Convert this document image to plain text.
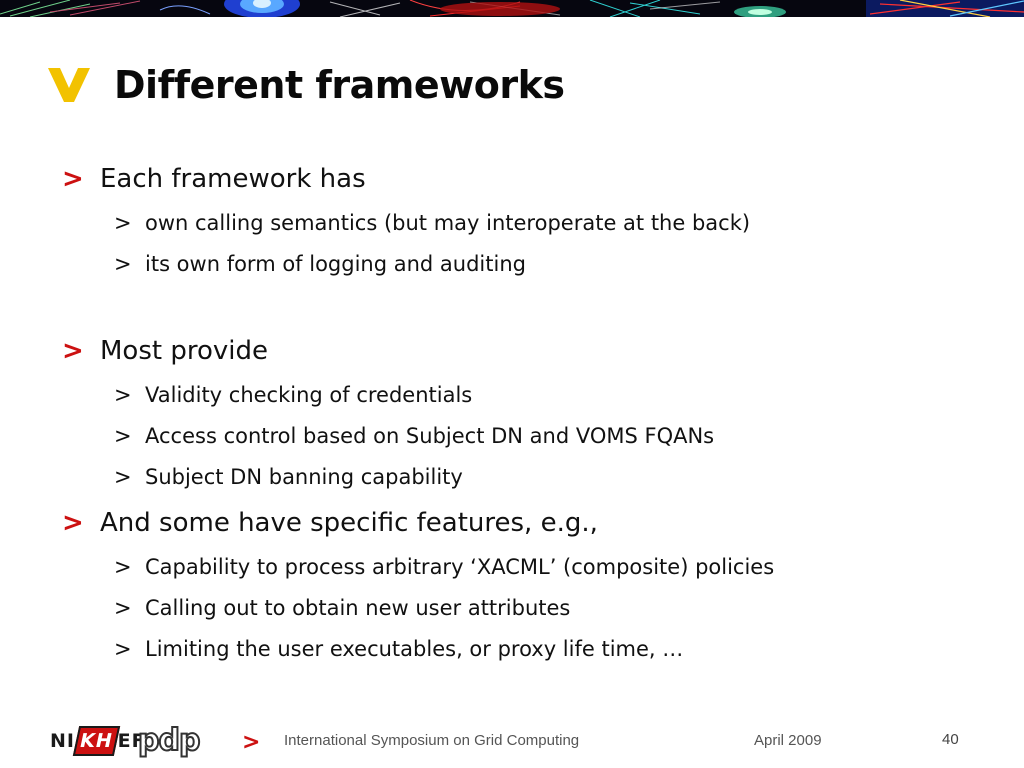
Different frameworks
> Each framework has
> own calling semantics (but may interoperate at the back)
> its own form of logging and auditing
> Most provide
> Validity checking of credentials
> Access control based on Subject DN and VOMS FQANs
> Subject DN banning capability
> And some have specific features, e.g.,
> Capability to process arbitrary ‘XACML’ (composite) policies
> Calling out to obtain new user attributes
> Limiting the user executables, or proxy life time, …
NI KH EF
pdp > International Symposium on Grid Computing	April 2009	40
